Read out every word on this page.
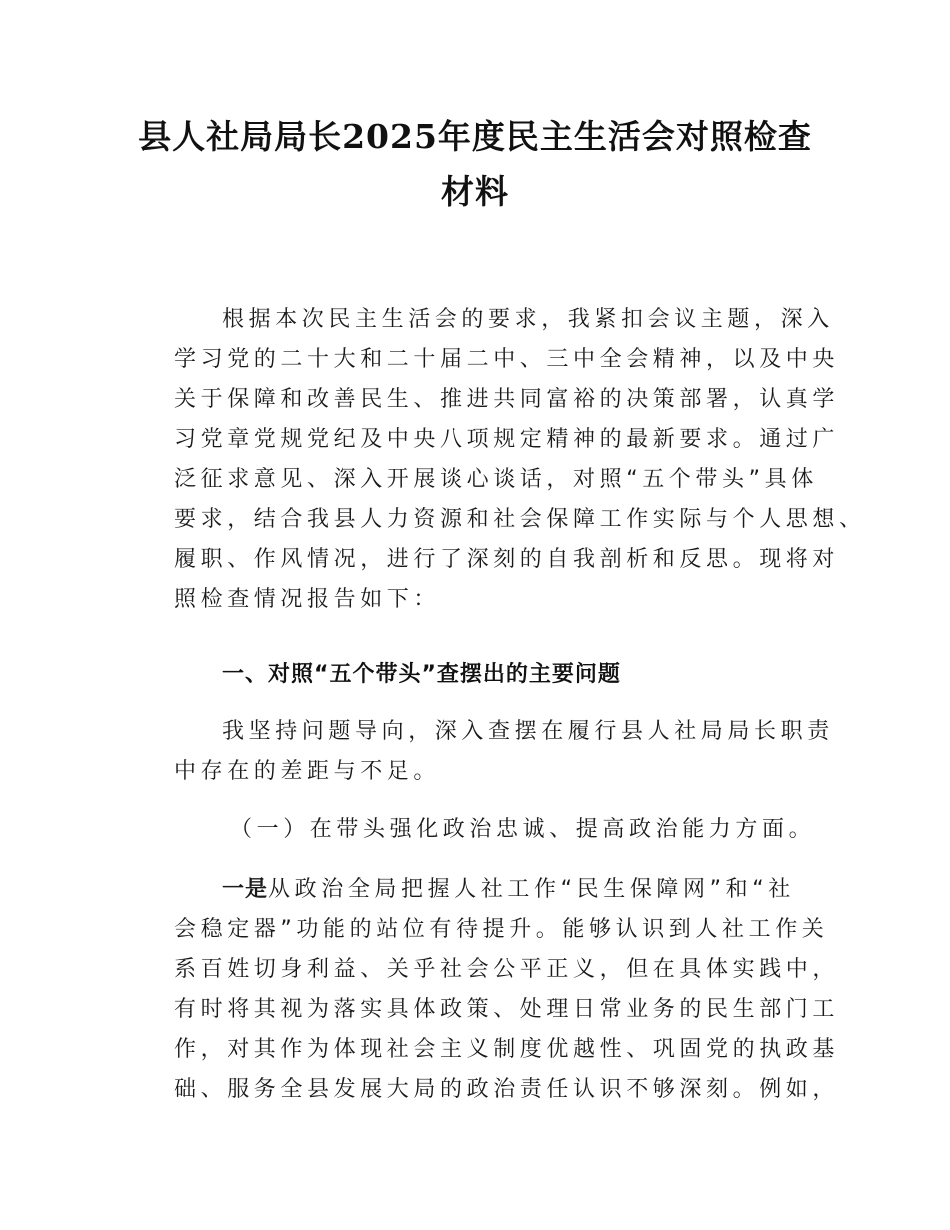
县人社局局长2025年度民主生活会对照检查
材料
根据本次民主生活会的要求，我紧扣会议主题，深入
学习党的二十大和二十届二中、三中全会精神，以及中央
关于保障和改善民生、推进共同富裕的决策部署，认真学
习党章党规党纪及中央八项规定精神的最新要求。通过广
泛征求意见、深入开展谈心谈话，对照“五个带头”具体
要求，结合我县人力资源和社会保障工作实际与个人思想、
履职、作风情况，进行了深刻的自我剖析和反思。现将对
照检查情况报告如下：
一、对照“五个带头”查摆出的主要问题
我坚持问题导向，深入查摆在履行县人社局局长职责
中存在的差距与不足。
（一）在带头强化政治忠诚、提高政治能力方面。
一是从政治全局把握人社工作“民生保障网”和“社
会稳定器”功能的站位有待提升。能够认识到人社工作关
系百姓切身利益、关乎社会公平正义，但在具体实践中，
有时将其视为落实具体政策、处理日常业务的民生部门工
作，对其作为体现社会主义制度优越性、巩固党的执政基
础、服务全县发展大局的政治责任认识不够深刻。例如，
